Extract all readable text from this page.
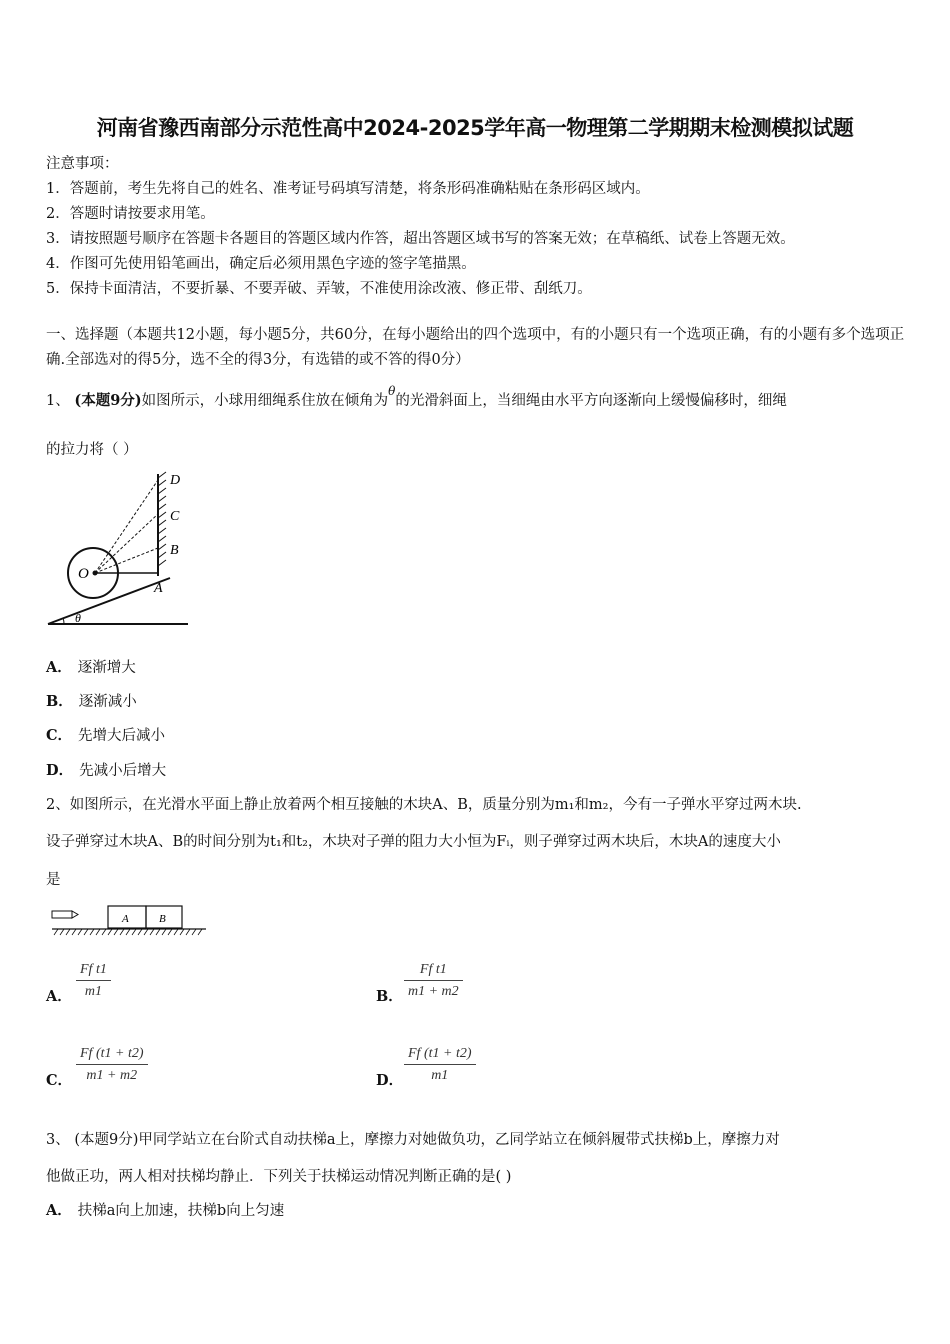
河南省豫西南部分示范性高中2024-2025学年高一物理第二学期期末检测模拟试题
注意事项：
1．答题前，考生先将自己的姓名、准考证号码填写清楚，将条形码准确粘贴在条形码区域内。
2．答题时请按要求用笔。
3．请按照题号顺序在答题卡各题目的答题区域内作答，超出答题区域书写的答案无效；在草稿纸、试卷上答题无效。
4．作图可先使用铅笔画出，确定后必须用黑色字迹的签字笔描黑。
5．保持卡面清洁，不要折暴、不要弄破、弄皱，不准使用涂改液、修正带、刮纸刀。
一、选择题（本题共12小题，每小题5分，共60分，在每小题给出的四个选项中，有的小题只有一个选项正确，有的小题有多个选项正确.全部选对的得5分，选不全的得3分，有选错的或不答的得0分）
1、 (本题9分)如图所示，小球用细绳系住放在倾角为$^\theta$的光滑斜面上，当细绳由水平方向逐渐向上缓慢偏移时，细绳
的拉力将（ ）
D
C
B
A
O
θ
A． 逐渐增大
B． 逐渐减小
C． 先增大后减小
D． 先减小后增大
2、如图所示，在光滑水平面上静止放着两个相互接触的木块A、B，质量分别为m₁和m₂，今有一子弹水平穿过两木块.
设子弹穿过木块A、B的时间分别为t₁和t₂，木块对子弹的阻力大小恒为Fᵢ，则子弹穿过两木块后，木块A的速度大小
是
A	B
A． $\frac{\text{Ff t1}}{m1}$	B． $\frac{\text{Ff t1}}{m1 + m2}$
C． $\frac{Ff (t1 + t2)}{m1 + m2}$	D． $\frac{Ff (t1 + t2)}{m1}$
3、 (本题9分)甲同学站立在台阶式自动扶梯a上，摩擦力对她做负功，乙同学站立在倾斜履带式扶梯b上，摩擦力对
他做正功，两人相对扶梯均静止．下列关于扶梯运动情况判断正确的是( )
A． 扶梯a向上加速，扶梯b向上匀速
